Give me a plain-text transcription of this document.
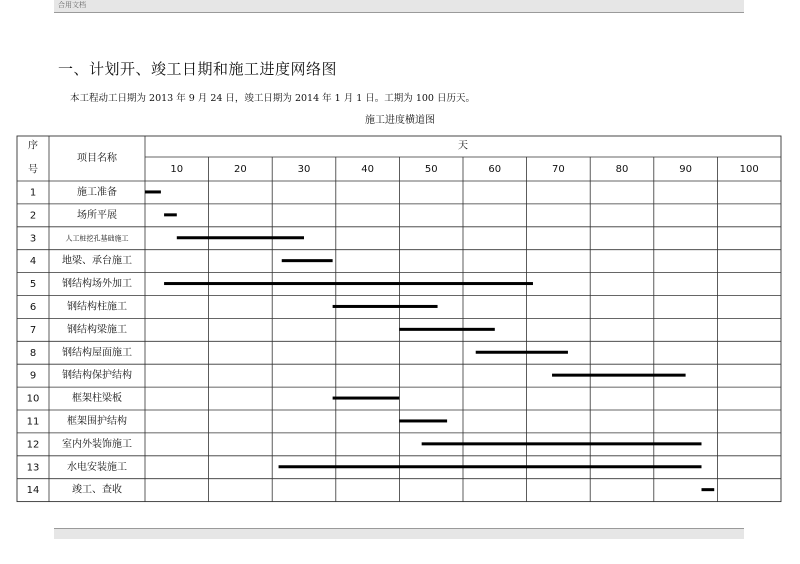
合用文档
一、计划开、竣工日期和施工进度网络图
本工程动工日期为 2013 年 9 月 24 日，竣工日期为 2014 年 1 月 1 日。工期为 100 日历天。
施工进度横道图
序
号
项目名称
天
10	20	30	40	50	60	70	80	90	100
1	施工准备
2	场所平展
3	人工桩挖孔基础施工
4	地梁、承台施工
5	钢结构场外加工
6	钢结构柱施工
7	钢结构梁施工
8	钢结构屋面施工
9	钢结构保护结构
10	框架柱梁板
11	框架围护结构
12 室内外装饰施工
13	水电安装施工
14	竣工、查收
